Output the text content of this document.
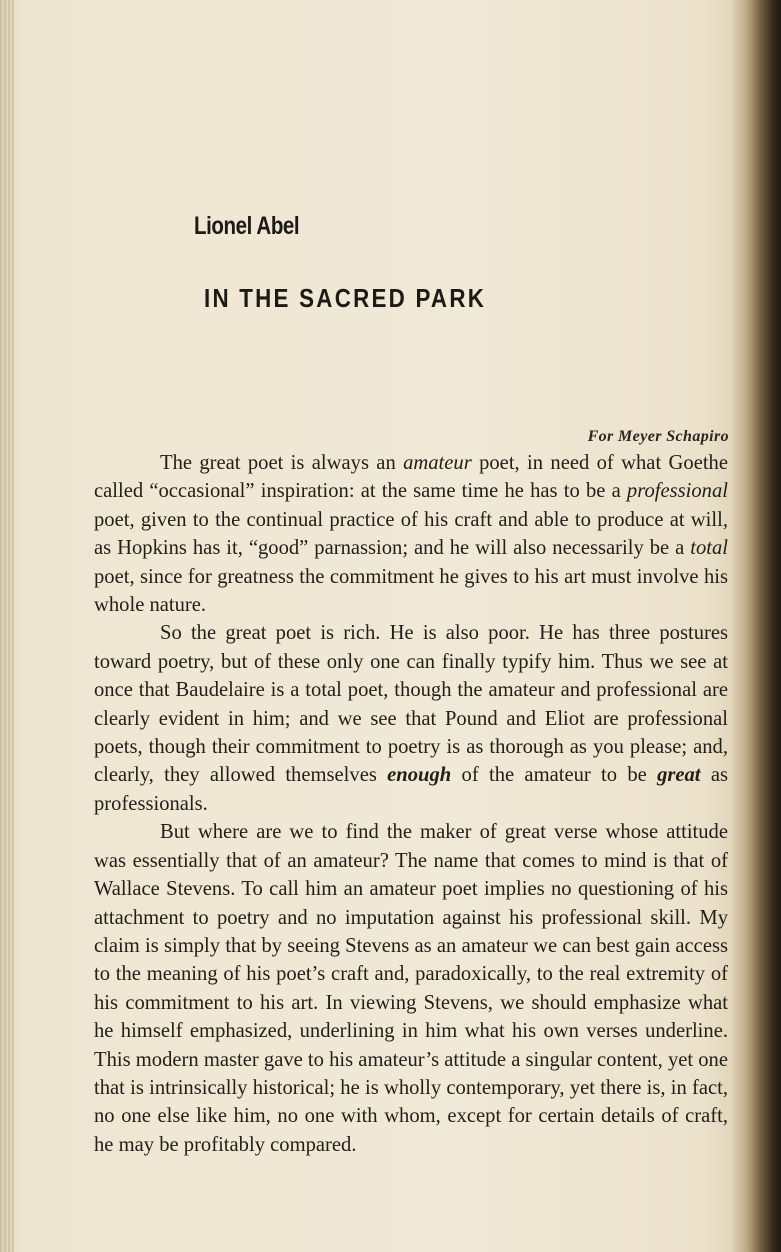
Lionel Abel
IN THE SACRED PARK

For Meyer Schapiro

The great poet is always an amateur poet, in need of what Goethe called “occasional” inspiration: at the same time he has to be a professional poet, given to the continual practice of his craft and able to produce at will, as Hopkins has it, “good” parnassion; and he will also necessarily be a total poet, since for greatness the commitment he gives to his art must involve his whole nature.

So the great poet is rich. He is also poor. He has three postures toward poetry, but of these only one can finally typify him. Thus we see at once that Baudelaire is a total poet, though the amateur and professional are clearly evident in him; and we see that Pound and Eliot are professional poets, though their commitment to poetry is as thorough as you please; and, clearly, they allowed themselves enough of the amateur to be great as professionals.

But where are we to find the maker of great verse whose attitude was essentially that of an amateur? The name that comes to mind is that of Wallace Stevens. To call him an amateur poet implies no questioning of his attachment to poetry and no imputation against his professional skill. My claim is simply that by seeing Stevens as an amateur we can best gain access to the meaning of his poet’s craft and, paradoxically, to the real extremity of his commitment to his art. In viewing Stevens, we should emphasize what he himself emphasized, underlining in him what his own verses underline. This modern master gave to his amateur’s attitude a singular content, yet one that is intrinsically historical; he is wholly contemporary, yet there is, in fact, no one else like him, no one with whom, except for certain details of craft, he may be profitably compared.
